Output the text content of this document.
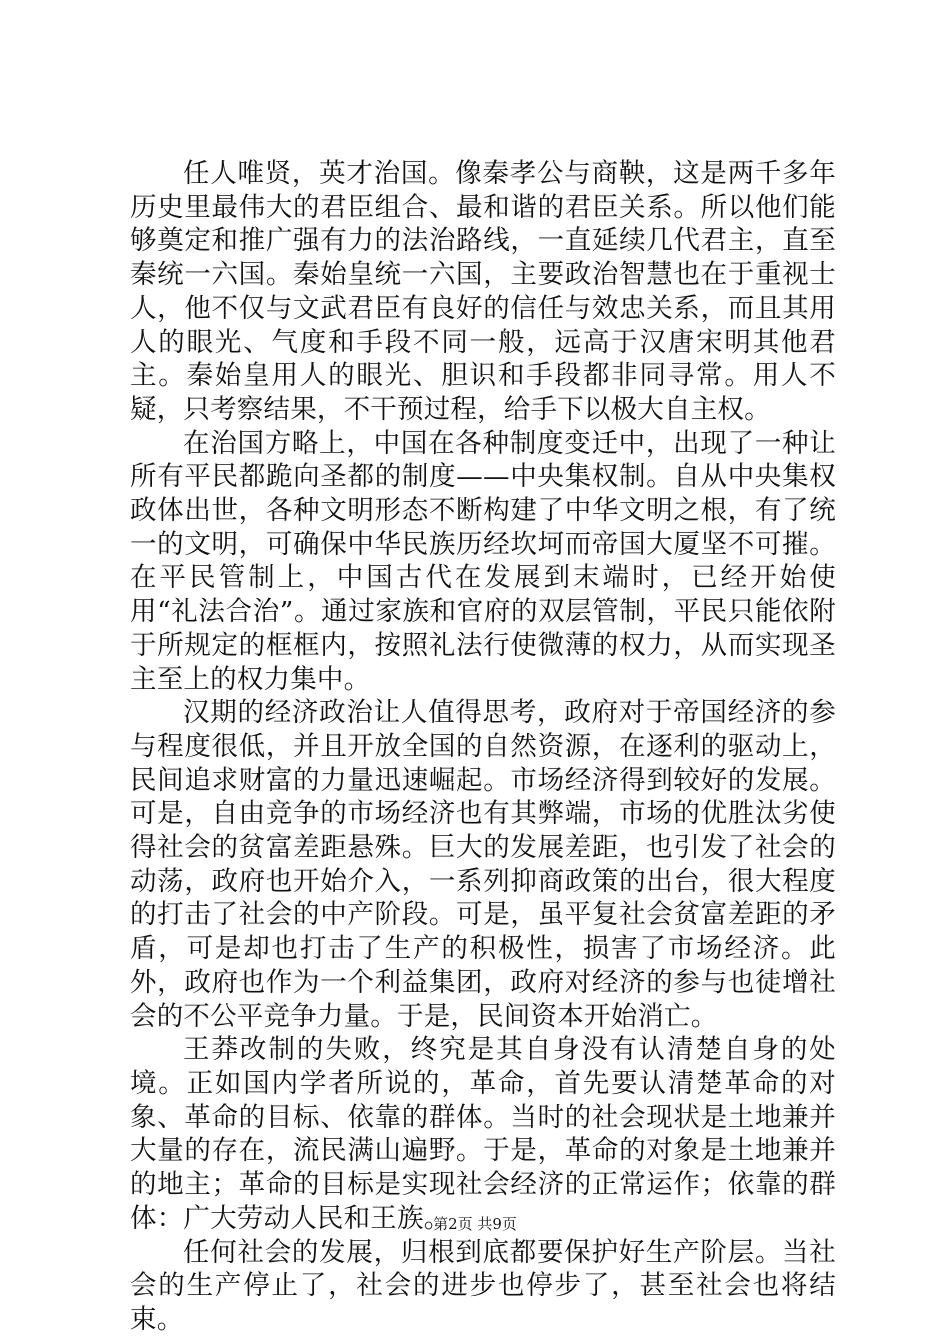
任人唯贤，英才治国。像秦孝公与商鞅，这是两千多年历史里最伟大的君臣组合、最和谐的君臣关系。所以他们能够奠定和推广强有力的法治路线，一直延续几代君主，直至秦统一六国。秦始皇统一六国，主要政治智慧也在于重视士人，他不仅与文武君臣有良好的信任与效忠关系，而且其用人的眼光、气度和手段不同一般，远高于汉唐宋明其他君主。秦始皇用人的眼光、胆识和手段都非同寻常。用人不疑，只考察结果，不干预过程，给手下以极大自主权。

在治国方略上，中国在各种制度变迁中，出现了一种让所有平民都跪向圣都的制度——中央集权制。自从中央集权政体出世，各种文明形态不断构建了中华文明之根，有了统一的文明，可确保中华民族历经坎坷而帝国大厦坚不可摧。在平民管制上，中国古代在发展到末端时，已经开始使用“礼法合治”。通过家族和官府的双层管制，平民只能依附于所规定的框框内，按照礼法行使微薄的权力，从而实现圣主至上的权力集中。

汉期的经济政治让人值得思考，政府对于帝国经济的参与程度很低，并且开放全国的自然资源，在逐利的驱动上，民间追求财富的力量迅速崛起。市场经济得到较好的发展。可是，自由竞争的市场经济也有其弊端，市场的优胜汰劣使得社会的贫富差距悬殊。巨大的发展差距，也引发了社会的动荡，政府也开始介入，一系列抑商政策的出台，很大程度的打击了社会的中产阶段。可是，虽平复社会贫富差距的矛盾，可是却也打击了生产的积极性，损害了市场经济。此外，政府也作为一个利益集团，政府对经济的参与也徒增社会的不公平竞争力量。于是，民间资本开始消亡。

王莽改制的失败，终究是其自身没有认清楚自身的处境。正如国内学者所说的，革命，首先要认清楚革命的对象、革命的目标、依靠的群体。当时的社会现状是土地兼并大量的存在，流民满山遍野。于是，革命的对象是土地兼并的地主；革命的目标是实现社会经济的正常运作；依靠的群体：广大劳动人民和王族。

任何社会的发展，归根到底都要保护好生产阶层。当社会的生产停止了，社会的进步也停步了，甚至社会也将结束。

第2页 共9页
